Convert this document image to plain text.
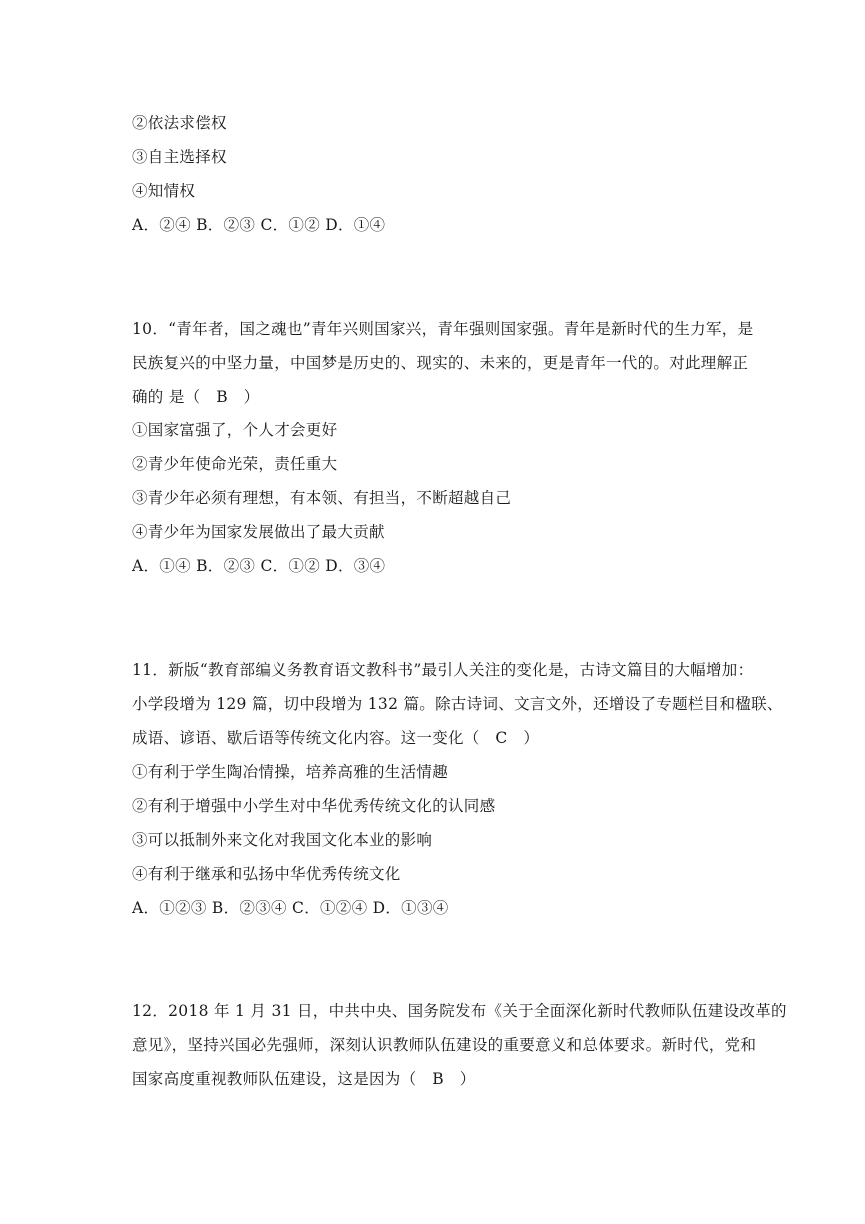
②依法求偿权
③自主选择权
④知情权
A．②④ B．②③ C．①② D．①④
10．“青年者，国之魂也”青年兴则国家兴，青年强则国家强。青年是新时代的生力军，是
民族复兴的中坚力量，中国梦是历史的、现实的、未来的，更是青年一代的。对此理解正
确的 是（　B　）
①国家富强了，个人才会更好
②青少年使命光荣，责任重大
③青少年必须有理想，有本领、有担当，不断超越自己
④青少年为国家发展做出了最大贡献
A．①④ B．②③ C．①② D．③④
11．新版“教育部编义务教育语文教科书”最引人关注的变化是，古诗文篇目的大幅增加：
小学段增为 129 篇，切中段增为 132 篇。除古诗词、文言文外，还增设了专题栏目和楹联、
成语、谚语、歇后语等传统文化内容。这一变化（　C　）
①有利于学生陶冶情操，培养高雅的生活情趣
②有利于增强中小学生对中华优秀传统文化的认同感
③可以抵制外来文化对我国文化本业的影响
④有利于继承和弘扬中华优秀传统文化
A．①②③ B．②③④ C．①②④ D．①③④
12．2018 年 1 月 31 日，中共中央、国务院发布《关于全面深化新时代教师队伍建设改革的
意见》，坚持兴国必先强师，深刻认识教师队伍建设的重要意义和总体要求。新时代，党和
国家高度重视教师队伍建设，这是因为（　B　）
